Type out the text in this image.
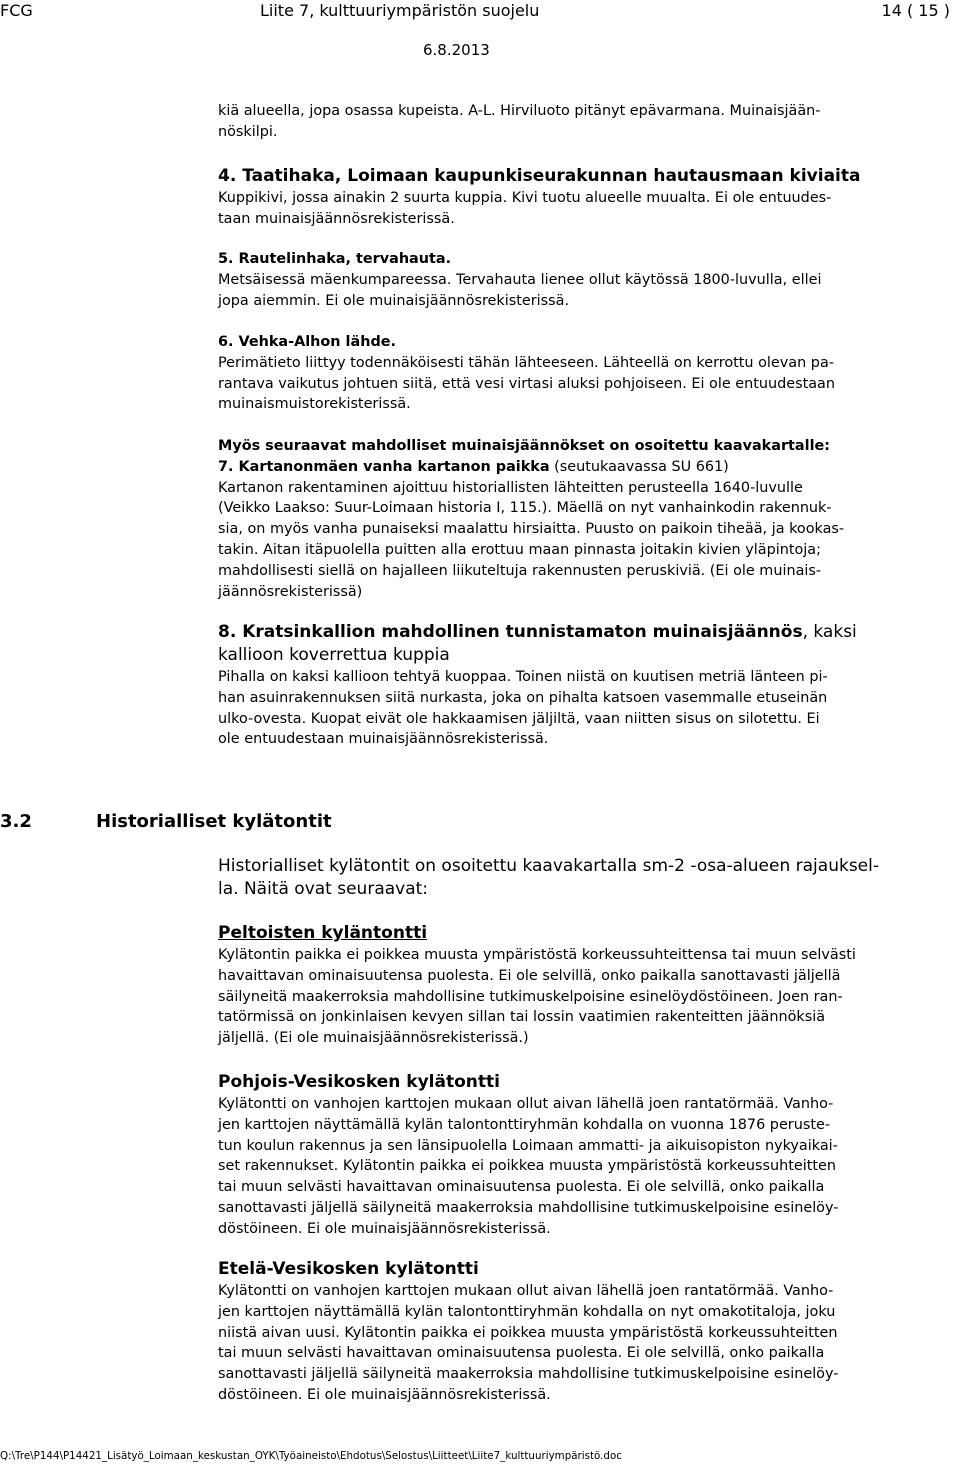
FCG	Liite 7, kulttuuriympäristön suojelu	14 ( 15 )
6.8.2013

kiä alueella, jopa osassa kupeista. A-L. Hirviluoto pitänyt epävarmana. Muinaisjään-

nöskilpi.

4. Taatihaka, Loimaan kaupunkiseurakunnan hautausmaan kiviaita

Kuppikivi, jossa ainakin 2 suurta kuppia. Kivi tuotu alueelle muualta. Ei ole entuudes-

taan muinaisjäännösrekisterissä.

5. Rautelinhaka, tervahauta.

Metsäisessä mäenkumpareessa. Tervahauta lienee ollut käytössä 1800-luvulla, ellei

jopa aiemmin. Ei ole muinaisjäännösrekisterissä.

6. Vehka-Alhon lähde.

Perimätieto liittyy todennäköisesti tähän lähteeseen. Lähteellä on kerrottu olevan pa-

rantava vaikutus johtuen siitä, että vesi virtasi aluksi pohjoiseen. Ei ole entuudestaan

muinaismuistorekisterissä.

Myös seuraavat mahdolliset muinaisjäännökset on osoitettu kaavakartalle:

7. Kartanonmäen vanha kartanon paikka (seutukaavassa SU 661)

Kartanon rakentaminen ajoittuu historiallisten lähteitten perusteella 1640-luvulle

(Veikko Laakso: Suur-Loimaan historia I, 115.). Mäellä on nyt vanhainkodin rakennuk-

sia, on myös vanha punaiseksi maalattu hirsiaitta. Puusto on paikoin tiheää, ja kookas-

takin. Aitan itäpuolella puitten alla erottuu maan pinnasta joitakin kivien yläpintoja;

mahdollisesti siellä on hajalleen liikuteltuja rakennusten peruskiviä. (Ei ole muinais-

jäännösrekisterissä)

8. Kratsinkallion mahdollinen tunnistamaton muinaisjäännös, kaksi

kallioon koverrettua kuppia

Pihalla on kaksi kallioon tehtyä kuoppaa. Toinen niistä on kuutisen metriä länteen pi-

han asuinrakennuksen siitä nurkasta, joka on pihalta katsoen vasemmalle etuseinän

ulko-ovesta. Kuopat eivät ole hakkaamisen jäljiltä, vaan niitten sisus on silotettu. Ei

ole entuudestaan muinaisjäännösrekisterissä.

3.2	Historialliset kylätontit

Historialliset kylätontit on osoitettu kaavakartalla sm-2 -osa-alueen rajauksel-

la. Näitä ovat seuraavat:

Peltoisten kyläntontti

Kylätontin paikka ei poikkea muusta ympäristöstä korkeussuhteittensa tai muun selvästi

havaittavan ominaisuutensa puolesta. Ei ole selvillä, onko paikalla sanottavasti jäljellä

säilyneitä maakerroksia mahdollisine tutkimuskelpoisine esinelöydöstöineen. Joen ran-

tatörmissä on jonkinlaisen kevyen sillan tai lossin vaatimien rakenteitten jäännöksiä

jäljellä. (Ei ole muinaisjäännösrekisterissä.)

Pohjois-Vesikosken kylätontti

Kylätontti on vanhojen karttojen mukaan ollut aivan lähellä joen rantatörmää. Vanho-

jen karttojen näyttämällä kylän talontonttiryhmän kohdalla on vuonna 1876 peruste-

tun koulun rakennus ja sen länsipuolella Loimaan ammatti- ja aikuisopiston nykyaikai-

set rakennukset. Kylätontin paikka ei poikkea muusta ympäristöstä korkeussuhteitten

tai muun selvästi havaittavan ominaisuutensa puolesta. Ei ole selvillä, onko paikalla

sanottavasti jäljellä säilyneitä maakerroksia mahdollisine tutkimuskelpoisine esinelöy-

döstöineen. Ei ole muinaisjäännösrekisterissä.

Etelä-Vesikosken kylätontti

Kylätontti on vanhojen karttojen mukaan ollut aivan lähellä joen rantatörmää. Vanho-

jen karttojen näyttämällä kylän talontonttiryhmän kohdalla on nyt omakotitaloja, joku

niistä aivan uusi. Kylätontin paikka ei poikkea muusta ympäristöstä korkeussuhteitten

tai muun selvästi havaittavan ominaisuutensa puolesta. Ei ole selvillä, onko paikalla

sanottavasti jäljellä säilyneitä maakerroksia mahdollisine tutkimuskelpoisine esinelöy-

döstöineen. Ei ole muinaisjäännösrekisterissä.

Q:\Tre\P144\P14421_Lisätyö_Loimaan_keskustan_OYK\Työaineisto\Ehdotus\Selostus\Liitteet\Liite7_kulttuuriympäristö.doc
